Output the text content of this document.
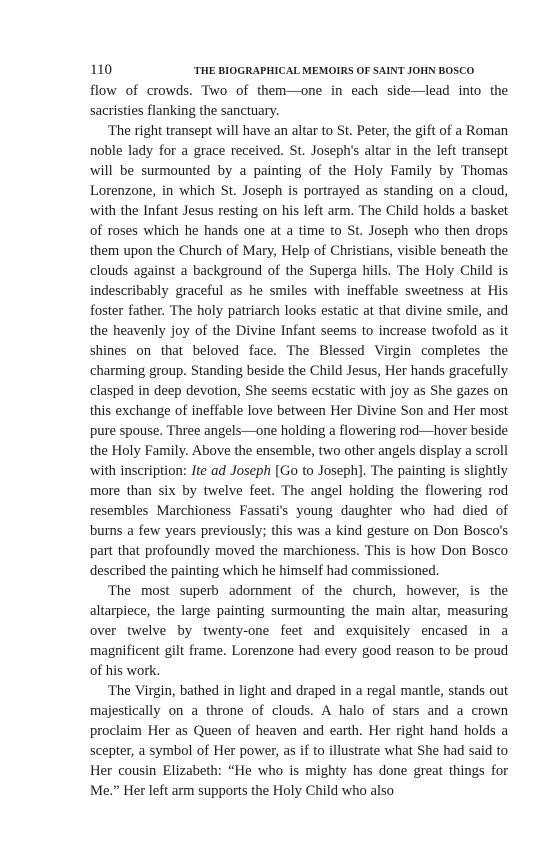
110	THE BIOGRAPHICAL MEMOIRS OF SAINT JOHN BOSCO

flow of crowds. Two of them—one in each side—lead into the sacristies flanking the sanctuary.

The right transept will have an altar to St. Peter, the gift of a Roman noble lady for a grace received. St. Joseph's altar in the left transept will be surmounted by a painting of the Holy Family by Thomas Lorenzone, in which St. Joseph is portrayed as standing on a cloud, with the Infant Jesus resting on his left arm. The Child holds a basket of roses which he hands one at a time to St. Joseph who then drops them upon the Church of Mary, Help of Christians, visible beneath the clouds against a background of the Superga hills. The Holy Child is indescribably graceful as he smiles with ineffable sweetness at His foster father. The holy patriarch looks estatic at that divine smile, and the heavenly joy of the Divine Infant seems to increase twofold as it shines on that beloved face. The Blessed Virgin completes the charming group. Standing beside the Child Jesus, Her hands gracefully clasped in deep devotion, She seems ecstatic with joy as She gazes on this exchange of ineffable love between Her Divine Son and Her most pure spouse. Three angels—one holding a flowering rod—hover beside the Holy Family. Above the ensemble, two other angels display a scroll with inscription: Ite ad Joseph [Go to Joseph]. The painting is slightly more than six by twelve feet. The angel holding the flowering rod resembles Marchioness Fassati's young daughter who had died of burns a few years previously; this was a kind gesture on Don Bosco's part that profoundly moved the marchioness. This is how Don Bosco described the painting which he himself had commissioned.

The most superb adornment of the church, however, is the altarpiece, the large painting surmounting the main altar, measuring over twelve by twenty-one feet and exquisitely encased in a magnificent gilt frame. Lorenzone had every good reason to be proud of his work.

The Virgin, bathed in light and draped in a regal mantle, stands out majestically on a throne of clouds. A halo of stars and a crown proclaim Her as Queen of heaven and earth. Her right hand holds a scepter, a symbol of Her power, as if to illustrate what She had said to Her cousin Elizabeth: “He who is mighty has done great things for Me.” Her left arm supports the Holy Child who also
